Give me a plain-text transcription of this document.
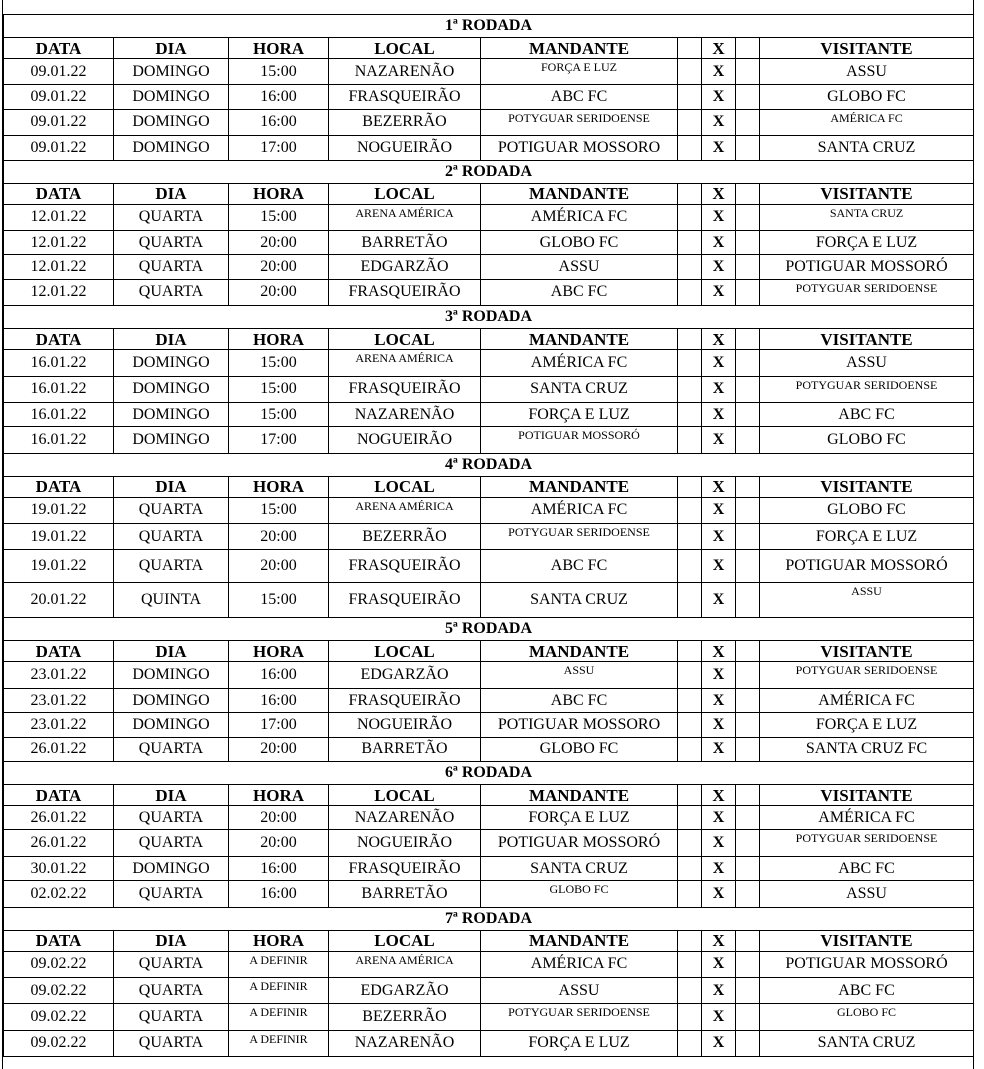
1ª RODADA								
DATA	DIA	HORA	LOCAL	MANDANTE		X		VISITANTE
09.01.22	DOMINGO	15:00	NAZARENÃO	FORÇA E LUZ		X		ASSU
09.01.22	DOMINGO	16:00	FRASQUEIRÃO	ABC FC		X		GLOBO FC
09.01.22	DOMINGO	16:00	BEZERRÃO	POTYGUAR SERIDOENSE		X		AMÉRICA FC
09.01.22	DOMINGO	17:00	NOGUEIRÃO	POTIGUAR MOSSORO		X		SANTA CRUZ
2ª RODADA								
DATA	DIA	HORA	LOCAL	MANDANTE		X		VISITANTE
12.01.22	QUARTA	15:00	ARENA AMÉRICA	AMÉRICA FC		X		SANTA CRUZ
12.01.22	QUARTA	20:00	BARRETÃO	GLOBO FC		X		FORÇA E LUZ
12.01.22	QUARTA	20:00	EDGARZÃO	ASSU		X		POTIGUAR MOSSORÓ
12.01.22	QUARTA	20:00	FRASQUEIRÃO	ABC FC		X		POTYGUAR SERIDOENSE
3ª RODADA								
DATA	DIA	HORA	LOCAL	MANDANTE		X		VISITANTE
16.01.22	DOMINGO	15:00	ARENA AMÉRICA	AMÉRICA FC		X		ASSU
16.01.22	DOMINGO	15:00	FRASQUEIRÃO	SANTA CRUZ		X		POTYGUAR SERIDOENSE
16.01.22	DOMINGO	15:00	NAZARENÃO	FORÇA E LUZ		X		ABC FC
16.01.22	DOMINGO	17:00	NOGUEIRÃO	POTIGUAR MOSSORÓ		X		GLOBO FC
4ª RODADA								
DATA	DIA	HORA	LOCAL	MANDANTE		X		VISITANTE
19.01.22	QUARTA	15:00	ARENA AMÉRICA	AMÉRICA FC		X		GLOBO FC
19.01.22	QUARTA	20:00	BEZERRÃO	POTYGUAR SERIDOENSE		X		FORÇA E LUZ
19.01.22	QUARTA	20:00	FRASQUEIRÃO	ABC FC		X		POTIGUAR MOSSORÓ
20.01.22	QUINTA	15:00	FRASQUEIRÃO	SANTA CRUZ		X		ASSU
5ª RODADA								
DATA	DIA	HORA	LOCAL	MANDANTE		X		VISITANTE
23.01.22	DOMINGO	16:00	EDGARZÃO	ASSU		X		POTYGUAR SERIDOENSE
23.01.22	DOMINGO	16:00	FRASQUEIRÃO	ABC FC		X		AMÉRICA FC
23.01.22	DOMINGO	17:00	NOGUEIRÃO	POTIGUAR MOSSORO		X		FORÇA E LUZ
26.01.22	QUARTA	20:00	BARRETÃO	GLOBO FC		X		SANTA CRUZ FC
6ª RODADA								
DATA	DIA	HORA	LOCAL	MANDANTE		X		VISITANTE
26.01.22	QUARTA	20:00	NAZARENÃO	FORÇA E LUZ		X		AMÉRICA FC
26.01.22	QUARTA	20:00	NOGUEIRÃO	POTIGUAR MOSSORÓ		X		POTYGUAR SERIDOENSE
30.01.22	DOMINGO	16:00	FRASQUEIRÃO	SANTA CRUZ		X		ABC FC
02.02.22	QUARTA	16:00	BARRETÃO	GLOBO FC		X		ASSU
7ª RODADA								
DATA	DIA	HORA	LOCAL	MANDANTE		X		VISITANTE
09.02.22	QUARTA	A DEFINIR	ARENA AMÉRICA	AMÉRICA FC		X		POTIGUAR MOSSORÓ
09.02.22	QUARTA	A DEFINIR	EDGARZÃO	ASSU		X		ABC FC
09.02.22	QUARTA	A DEFINIR	BEZERRÃO	POTYGUAR SERIDOENSE		X		GLOBO FC
09.02.22	QUARTA	A DEFINIR	NAZARENÃO	FORÇA E LUZ		X		SANTA CRUZ
